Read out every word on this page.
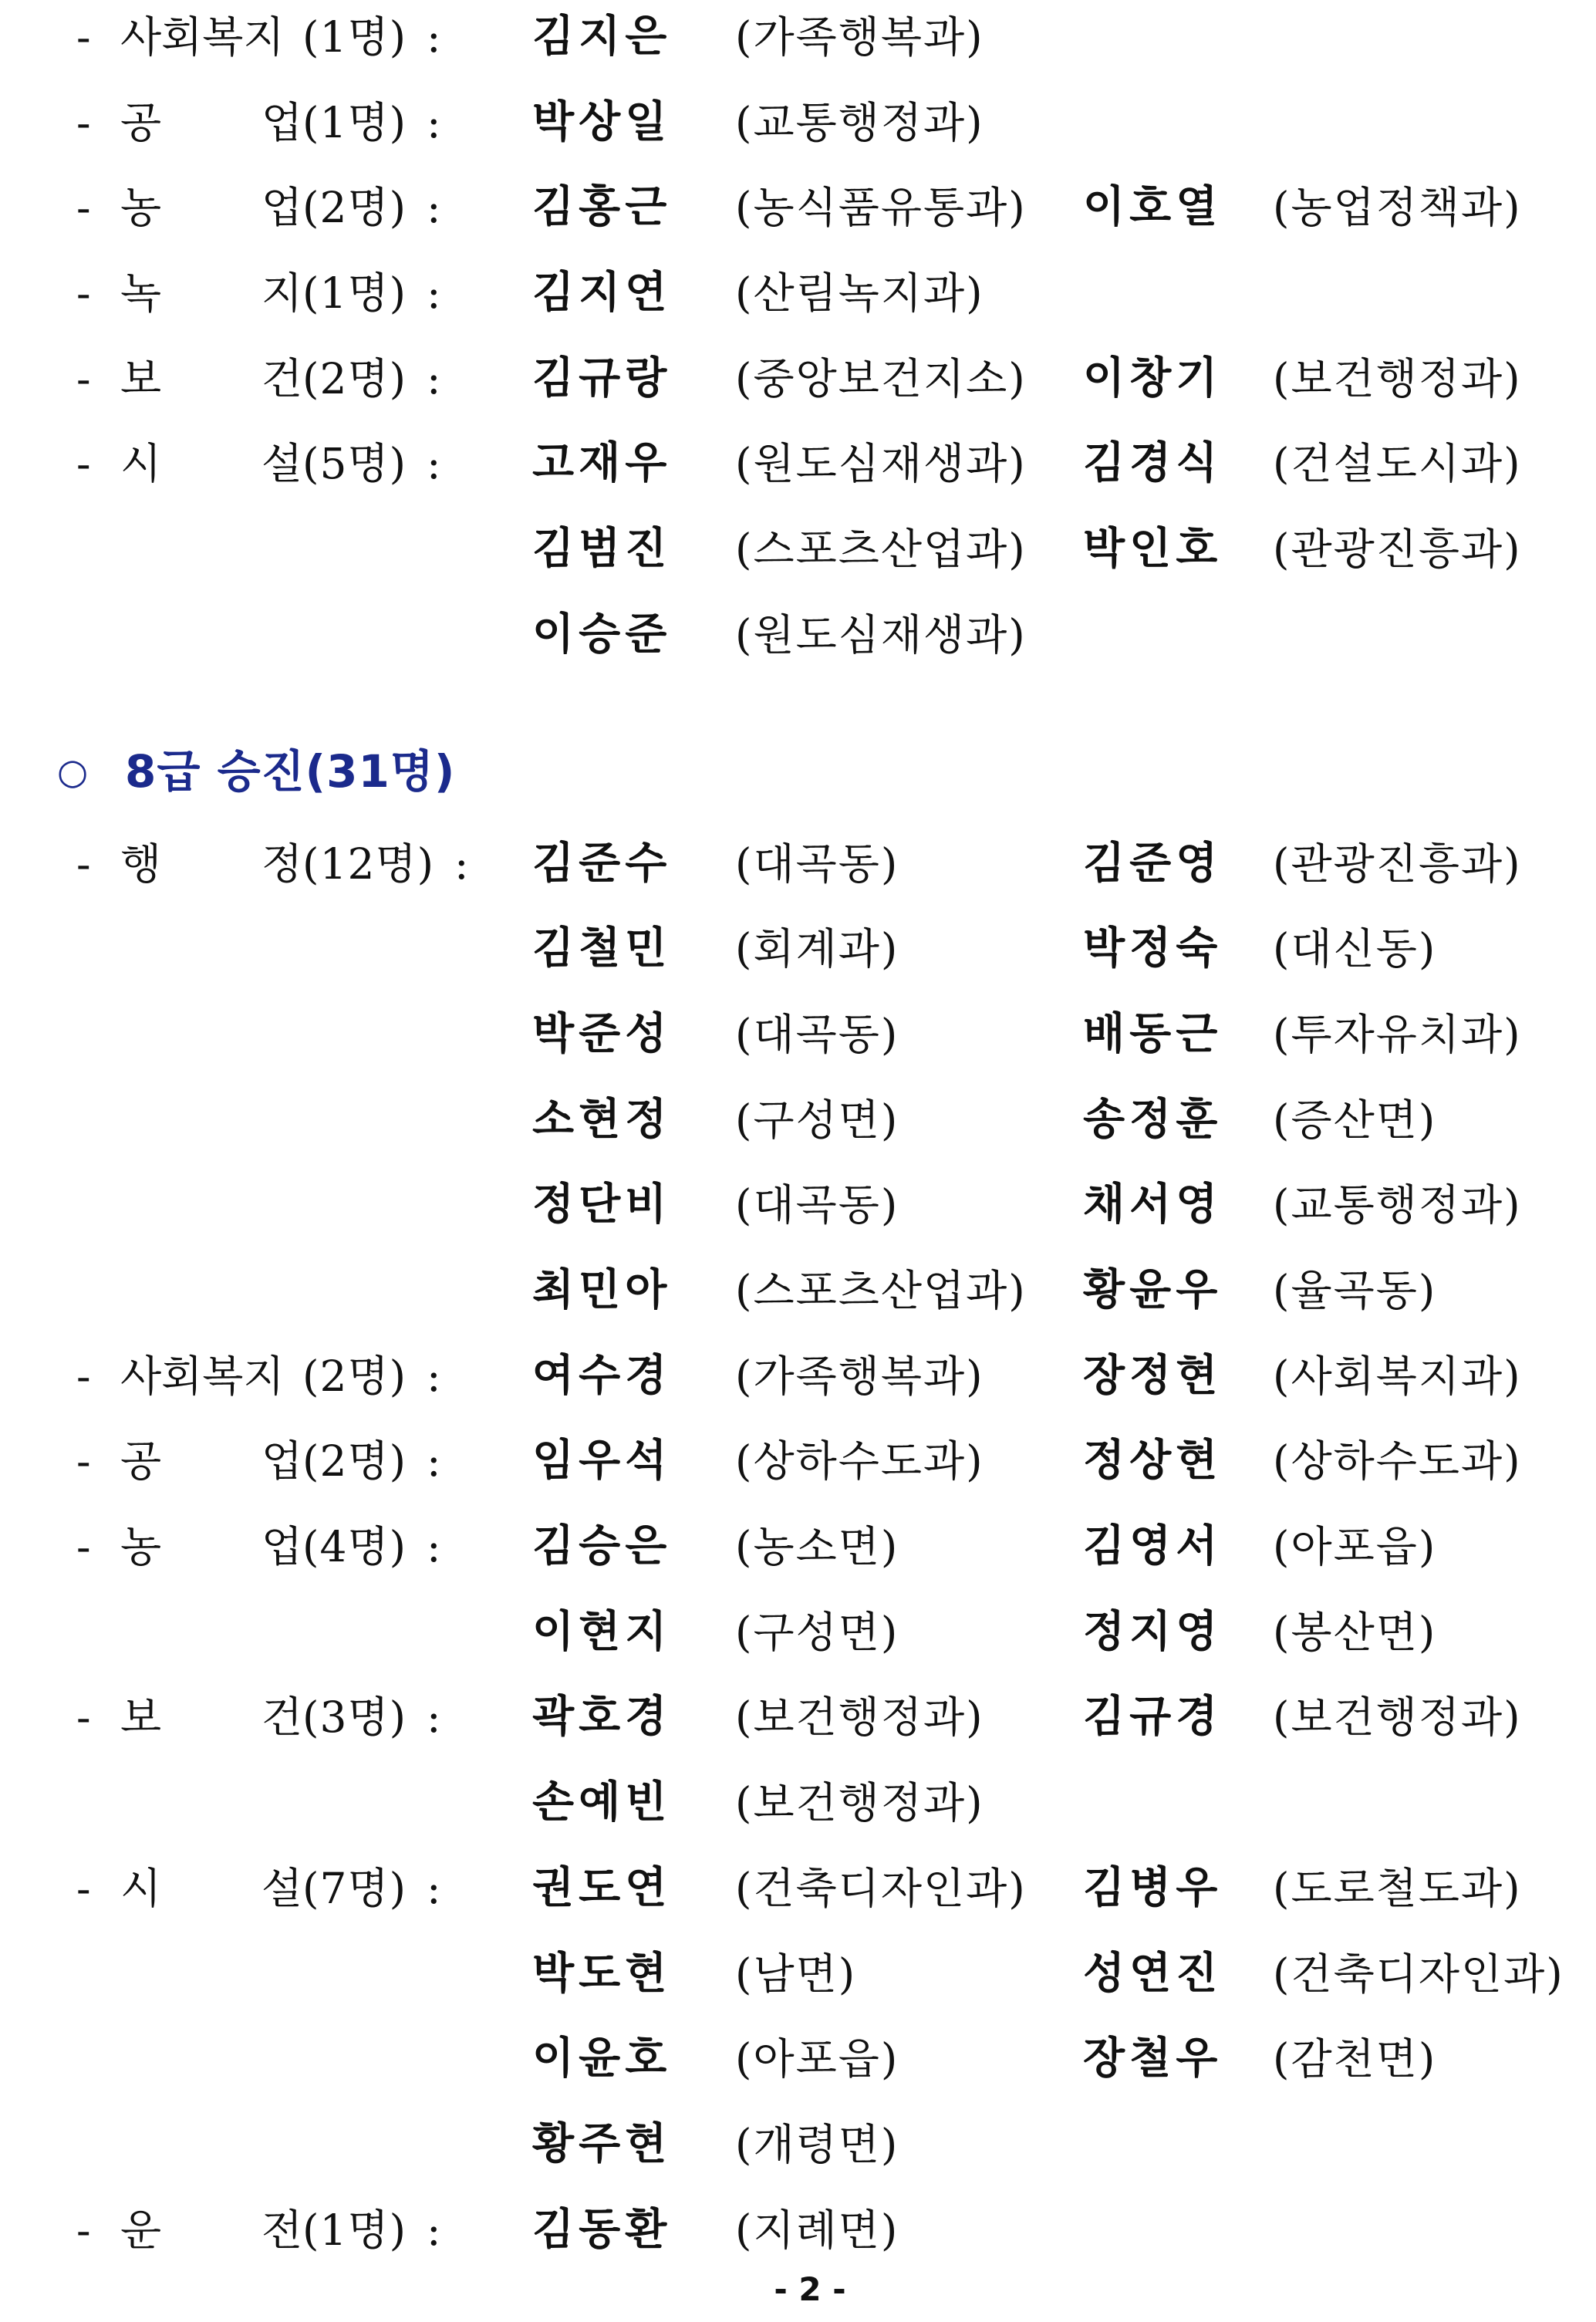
- 사회복지 (1명) : 김지은 (가족행복과)
- 공 업(1명) : 박상일 (교통행정과)
- 농 업(2명) : 김홍근 (농식품유통과) 이호열 (농업정책과)
- 녹 지(1명) : 김지연 (산림녹지과)
- 보 건(2명) : 김규랑 (중앙보건지소) 이창기 (보건행정과)
- 시 설(5명) : 고재우 (원도심재생과) 김경식 (건설도시과)
김범진 (스포츠산업과) 박인호 (관광진흥과)
이승준 (원도심재생과)
○ 8급 승진(31명)
- 행 정(12명) : 김준수 (대곡동)	김준영 (관광진흥과)
김철민 (회계과)	박정숙 (대신동)
박준성 (대곡동)	배동근 (투자유치과)
소현정 (구성면)	송정훈 (증산면)
정단비 (대곡동)	채서영 (교통행정과)
최민아 (스포츠산업과) 황윤우 (율곡동)
- 사회복지 (2명) : 여수경 (가족행복과) 장정현 (사회복지과)
- 공 업(2명) : 임우석 (상하수도과) 정상현 (상하수도과)
- 농 업(4명) : 김승은 (농소면)	김영서 (아포읍)
이현지 (구성면)	정지영 (봉산면)
- 보 건(3명) : 곽호경 (보건행정과) 김규경 (보건행정과)
손예빈 (보건행정과)
- 시 설(7명) : 권도연 (건축디자인과) 김병우 (도로철도과)
박도현 (남면)	성연진 (건축디자인과)
이윤호 (아포읍)	장철우 (감천면)
황주현 (개령면)
- 운 전(1명) : 김동환 (지례면)
- 2 -
